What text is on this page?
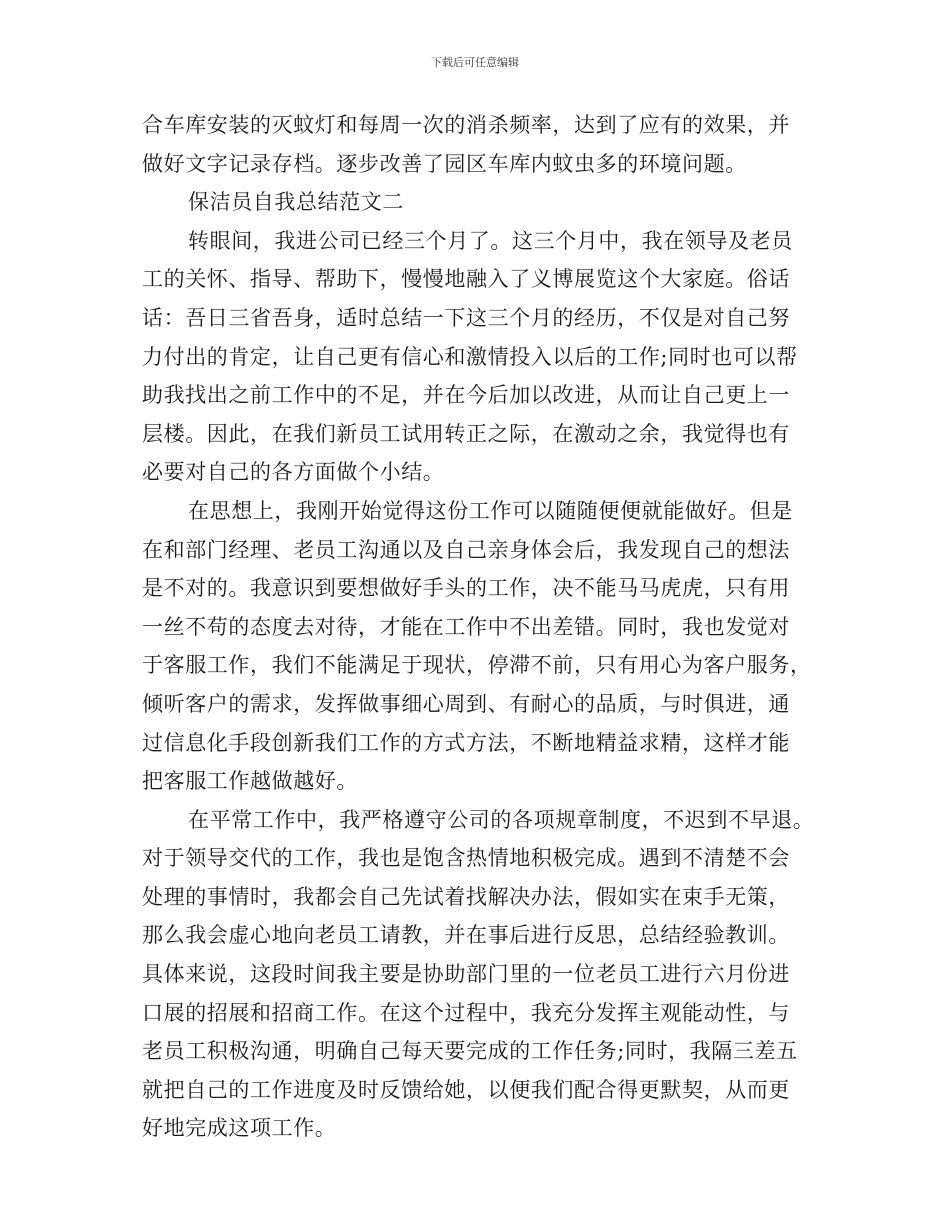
下载后可任意编辑
合车库安装的灭蚊灯和每周一次的消杀频率，达到了应有的效果，并
做好文字记录存档。逐步改善了园区车库内蚊虫多的环境问题。
保洁员自我总结范文二
转眼间，我进公司已经三个月了。这三个月中，我在领导及老员
工的关怀、指导、帮助下，慢慢地融入了义博展览这个大家庭。俗话
话：吾日三省吾身，适时总结一下这三个月的经历，不仅是对自己努
力付出的肯定，让自己更有信心和激情投入以后的工作;同时也可以帮
助我找出之前工作中的不足，并在今后加以改进，从而让自己更上一
层楼。因此，在我们新员工试用转正之际，在激动之余，我觉得也有
必要对自己的各方面做个小结。
在思想上，我刚开始觉得这份工作可以随随便便就能做好。但是
在和部门经理、老员工沟通以及自己亲身体会后，我发现自己的想法
是不对的。我意识到要想做好手头的工作，决不能马马虎虎，只有用
一丝不苟的态度去对待，才能在工作中不出差错。同时，我也发觉对
于客服工作，我们不能满足于现状，停滞不前，只有用心为客户服务，
倾听客户的需求，发挥做事细心周到、有耐心的品质，与时俱进，通
过信息化手段创新我们工作的方式方法，不断地精益求精，这样才能
把客服工作越做越好。
在平常工作中，我严格遵守公司的各项规章制度，不迟到不早退。
对于领导交代的工作，我也是饱含热情地积极完成。遇到不清楚不会
处理的事情时，我都会自己先试着找解决办法，假如实在束手无策，
那么我会虚心地向老员工请教，并在事后进行反思，总结经验教训。
具体来说，这段时间我主要是协助部门里的一位老员工进行六月份进
口展的招展和招商工作。在这个过程中，我充分发挥主观能动性，与
老员工积极沟通，明确自己每天要完成的工作任务;同时，我隔三差五
就把自己的工作进度及时反馈给她，以便我们配合得更默契，从而更
好地完成这项工作。
